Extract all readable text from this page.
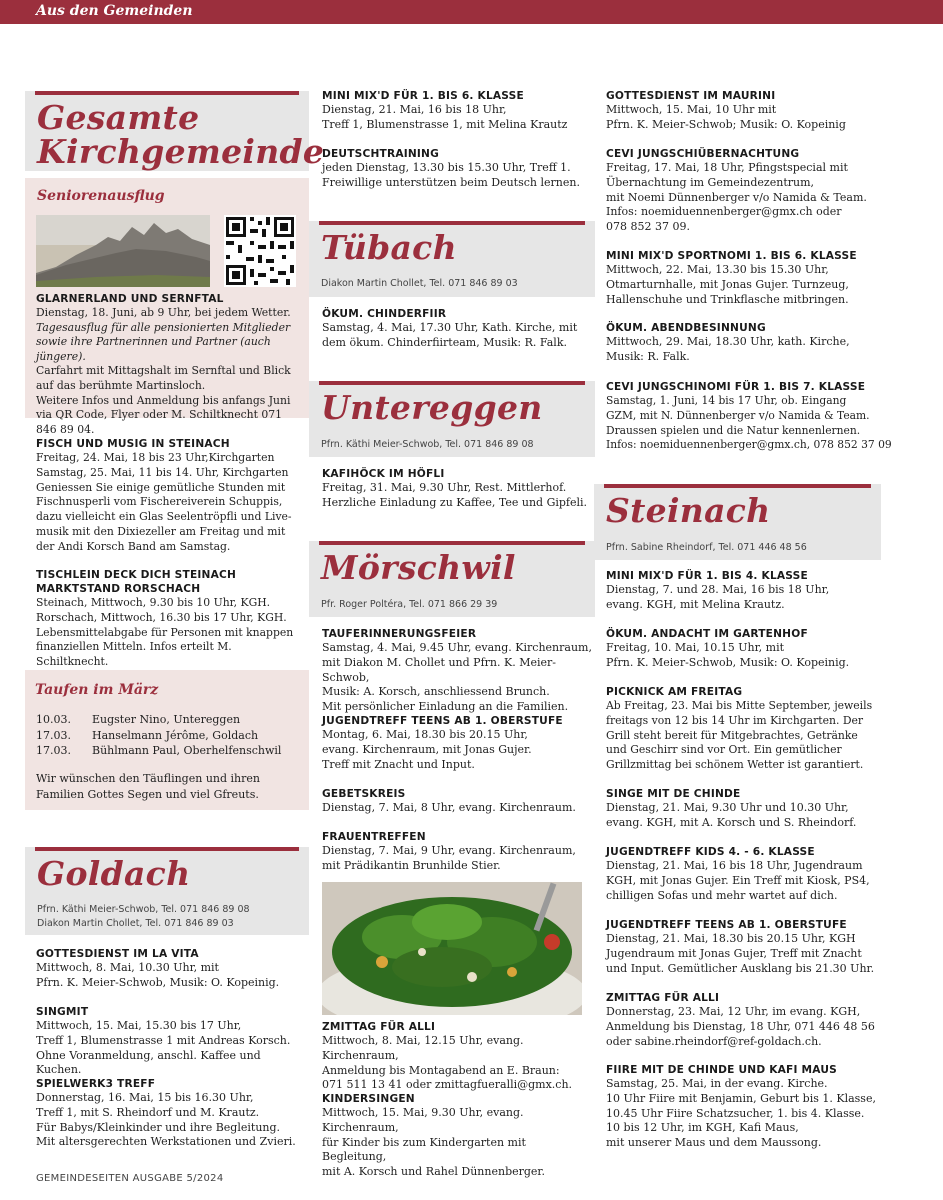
Aus den Gemeinden
Gesamte
Kirchgemeinde
Seniorenausflug
GLARNERLAND UND SERNFTAL
Dienstag, 18. Juni, ab 9 Uhr, bei jedem Wetter.
Tagesausflug für alle pensionierten Mitglieder sowie ihre Partnerinnen und Partner (auch jüngere).
Carfahrt mit Mittagshalt im Sernftal und Blick auf das berühmte Martinsloch.
Weitere Infos und Anmeldung bis anfangs Juni via QR Code, Flyer oder M. Schiltknecht 071 846 89 04.
FISCH UND MUSIG IN STEINACH
Freitag, 24. Mai, 18 bis 23 Uhr,Kirchgarten
Samstag, 25. Mai, 11 bis 14. Uhr, Kirchgarten
Geniessen Sie einige gemütliche Stunden mit
Fischnusperli vom Fischereiverein Schuppis,
dazu vielleicht ein Glas Seelentröpfli und Live-
musik mit den Dixiezeller am Freitag und mit
der Andi Korsch Band am Samstag.
TISCHLEIN DECK DICH STEINACH
MARKTSTAND RORSCHACH
Steinach, Mittwoch, 9.30 bis 10 Uhr, KGH.
Rorschach, Mittwoch, 16.30 bis 17 Uhr, KGH.
Lebensmittelabgabe für Personen mit knappen
finanziellen Mitteln. Infos erteilt M. Schiltknecht.
Taufen im März
10.03.	Eugster Nino, Untereggen
17.03.	Hanselmann Jérôme, Goldach
17.03.	Bühlmann Paul, Oberhelfenschwil
Wir wünschen den Täuflingen und ihren
Familien Gottes Segen und viel Gfreuts.
Goldach
Pfrn. Käthi Meier-Schwob, Tel. 071 846 89 08
Diakon Martin Chollet, Tel. 071 846 89 03
GOTTESDIENST IM LA VITA
Mittwoch, 8. Mai, 10.30 Uhr, mit
Pfrn. K. Meier-Schwob, Musik: O. Kopeinig.
SINGMIT
Mittwoch, 15. Mai, 15.30 bis 17 Uhr,
Treff 1, Blumenstrasse 1 mit Andreas Korsch.
Ohne Voranmeldung, anschl. Kaffee und Kuchen.
SPIELWERK3 TREFF
Donnerstag, 16. Mai, 15 bis 16.30 Uhr,
Treff 1, mit S. Rheindorf und M. Krautz.
Für Babys/Kleinkinder und ihre Begleitung.
Mit altersgerechten Werkstationen und Zvieri.
MINI MIX'D FÜR 1. BIS 6. KLASSE
Dienstag, 21. Mai, 16 bis 18 Uhr,
Treff 1, Blumenstrasse 1, mit Melina Krautz
DEUTSCHTRAINING
jeden Dienstag, 13.30 bis 15.30 Uhr, Treff 1.
Freiwillige unterstützen beim Deutsch lernen.
Tübach
Diakon Martin Chollet, Tel. 071 846 89 03
ÖKUM. CHINDERFIIR
Samstag, 4. Mai, 17.30 Uhr, Kath. Kirche, mit
dem ökum. Chinderfiirteam, Musik: R. Falk.
Untereggen
Pfrn. Käthi Meier-Schwob, Tel. 071 846 89 08
KAFIHÖCK IM HÖFLI
Freitag, 31. Mai, 9.30 Uhr, Rest. Mittlerhof.
Herzliche Einladung zu Kaffee, Tee und Gipfeli.
Mörschwil
Pfr. Roger Poltéra, Tel. 071 866 29 39
TAUFERINNERUNGSFEIER
Samstag, 4. Mai, 9.45 Uhr, evang. Kirchenraum,
mit Diakon M. Chollet und Pfrn. K. Meier-Schwob,
Musik: A. Korsch, anschliessend Brunch.
Mit persönlicher Einladung an die Familien.
JUGENDTREFF TEENS AB 1. OBERSTUFE
Montag, 6. Mai, 18.30 bis 20.15 Uhr,
evang. Kirchenraum, mit Jonas Gujer.
Treff mit Znacht und Input.
GEBETSKREIS
Dienstag, 7. Mai, 8 Uhr, evang. Kirchenraum.
FRAUENTREFFEN
Dienstag, 7. Mai, 9 Uhr, evang. Kirchenraum,
mit Prädikantin Brunhilde Stier.
ZMITTAG FÜR ALLI
Mittwoch, 8. Mai, 12.15 Uhr, evang. Kirchenraum,
Anmeldung bis Montagabend an E. Braun:
071 511 13 41 oder zmittagfueralli@gmx.ch.
KINDERSINGEN
Mittwoch, 15. Mai, 9.30 Uhr, evang. Kirchenraum,
für Kinder bis zum Kindergarten mit Begleitung,
mit A. Korsch und Rahel Dünnenberger.
GOTTESDIENST IM MAURINI
Mittwoch, 15. Mai, 10 Uhr mit
Pfrn. K. Meier-Schwob; Musik: O. Kopeinig
CEVI JUNGSCHIÜBERNACHTUNG
Freitag, 17. Mai, 18 Uhr, Pfingstspecial mit
Übernachtung im Gemeindezentrum,
mit Noemi Dünnenberger v/o Namida & Team.
Infos: noemiduennenberger@gmx.ch oder
078 852 37 09.
MINI MIX'D SPORTNOMI 1. BIS 6. KLASSE
Mittwoch, 22. Mai, 13.30 bis 15.30 Uhr,
Otmarturnhalle, mit Jonas Gujer. Turnzeug,
Hallenschuhe und Trinkflasche mitbringen.
ÖKUM. ABENDBESINNUNG
Mittwoch, 29. Mai, 18.30 Uhr, kath. Kirche,
Musik: R. Falk.
CEVI JUNGSCHINOMI FÜR 1. BIS 7. KLASSE
Samstag, 1. Juni, 14 bis 17 Uhr, ob. Eingang
GZM, mit N. Dünnenberger v/o Namida & Team.
Draussen spielen und die Natur kennenlernen.
Infos: noemiduennenberger@gmx.ch, 078 852 37 09
Steinach
Pfrn. Sabine Rheindorf, Tel. 071 446 48 56
MINI MIX'D FÜR 1. BIS 4. KLASSE
Dienstag, 7. und 28. Mai, 16 bis 18 Uhr,
evang. KGH, mit Melina Krautz.
ÖKUM. ANDACHT IM GARTENHOF
Freitag, 10. Mai, 10.15 Uhr, mit
Pfrn. K. Meier-Schwob, Musik: O. Kopeinig.
PICKNICK AM FREITAG
Ab Freitag, 23. Mai bis Mitte September, jeweils
freitags von 12 bis 14 Uhr im Kirchgarten. Der
Grill steht bereit für Mitgebrachtes, Getränke
und Geschirr sind vor Ort. Ein gemütlicher
Grillzmittag bei schönem Wetter ist garantiert.
SINGE MIT DE CHINDE
Dienstag, 21. Mai, 9.30 Uhr und 10.30 Uhr,
evang. KGH, mit A. Korsch und S. Rheindorf.
JUGENDTREFF KIDS 4. - 6. KLASSE
Dienstag, 21. Mai, 16 bis 18 Uhr, Jugendraum
KGH, mit Jonas Gujer. Ein Treff mit Kiosk, PS4,
chilligen Sofas und mehr wartet auf dich.
JUGENDTREFF TEENS AB 1. OBERSTUFE
Dienstag, 21. Mai, 18.30 bis 20.15 Uhr, KGH
Jugendraum mit Jonas Gujer, Treff mit Znacht
und Input. Gemütlicher Ausklang bis 21.30 Uhr.
ZMITTAG FÜR ALLI
Donnerstag, 23. Mai, 12 Uhr, im evang. KGH,
Anmeldung bis Dienstag, 18 Uhr, 071 446 48 56
oder sabine.rheindorf@ref-goldach.ch.
FIIRE MIT DE CHINDE UND KAFI MAUS
Samstag, 25. Mai, in der evang. Kirche.
10 Uhr Fiire mit Benjamin, Geburt bis 1. Klasse,
10.45 Uhr Fiire Schatzsucher, 1. bis 4. Klasse.
10 bis 12 Uhr, im KGH, Kafi Maus,
mit unserer Maus und dem Maussong.
GEMEINDESEITEN AUSGABE 5/2024
